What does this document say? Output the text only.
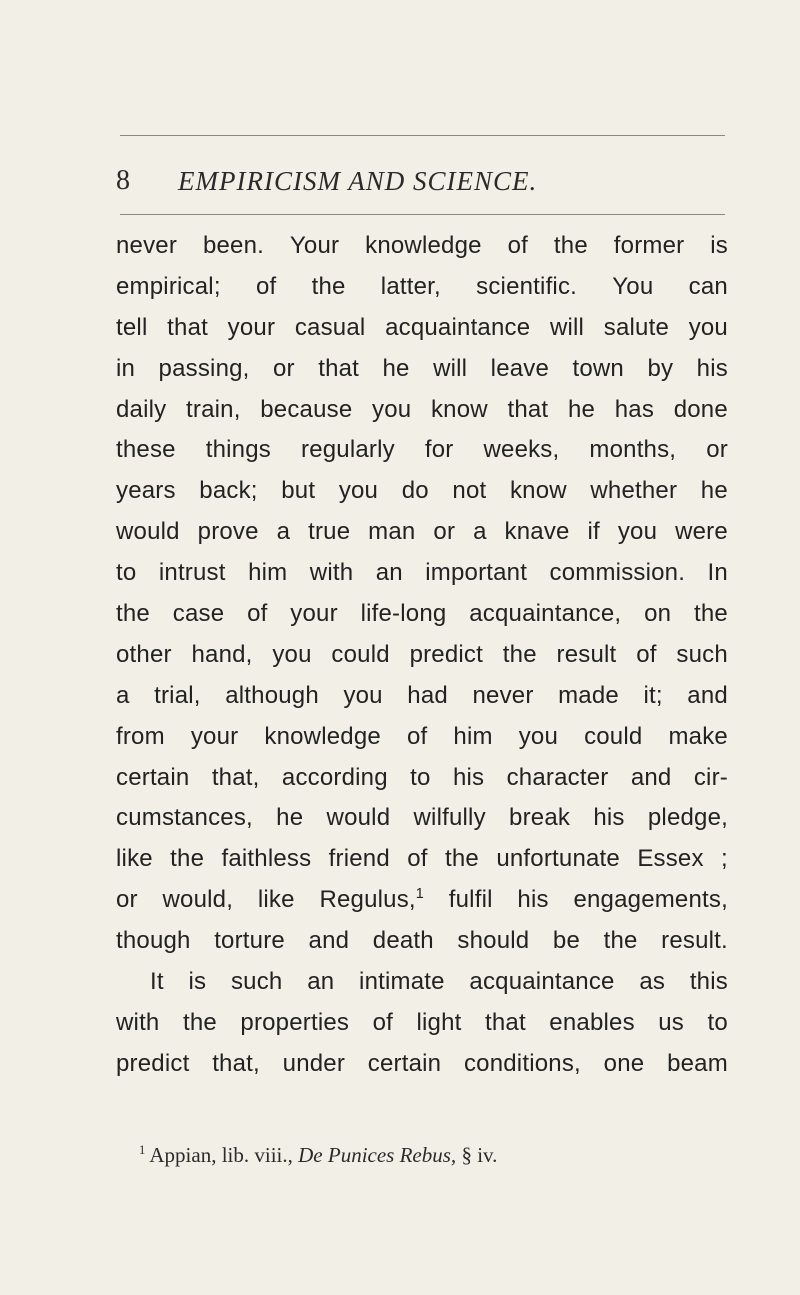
8 EMPIRICISM AND SCIENCE.
never been. Your knowledge of the former is
empirical; of the latter, scientific. You can
tell that your casual acquaintance will salute you
in passing, or that he will leave town by his
daily train, because you know that he has done
these things regularly for weeks, months, or
years back; but you do not know whether he
would prove a true man or a knave if you were
to intrust him with an important commission. In
the case of your life-long acquaintance, on the
other hand, you could predict the result of such
a trial, although you had never made it; and
from your knowledge of him you could make
certain that, according to his character and cir-
cumstances, he would wilfully break his pledge,
like the faithless friend of the unfortunate Essex ;
or would, like Regulus,$^1$ fulfil his engagements,
though torture and death should be the result.
It is such an intimate acquaintance as this
with the properties of light that enables us to
predict that, under certain conditions, one beam
$^1$ Appian, lib. viii., De Punices Rebus, § iv.
